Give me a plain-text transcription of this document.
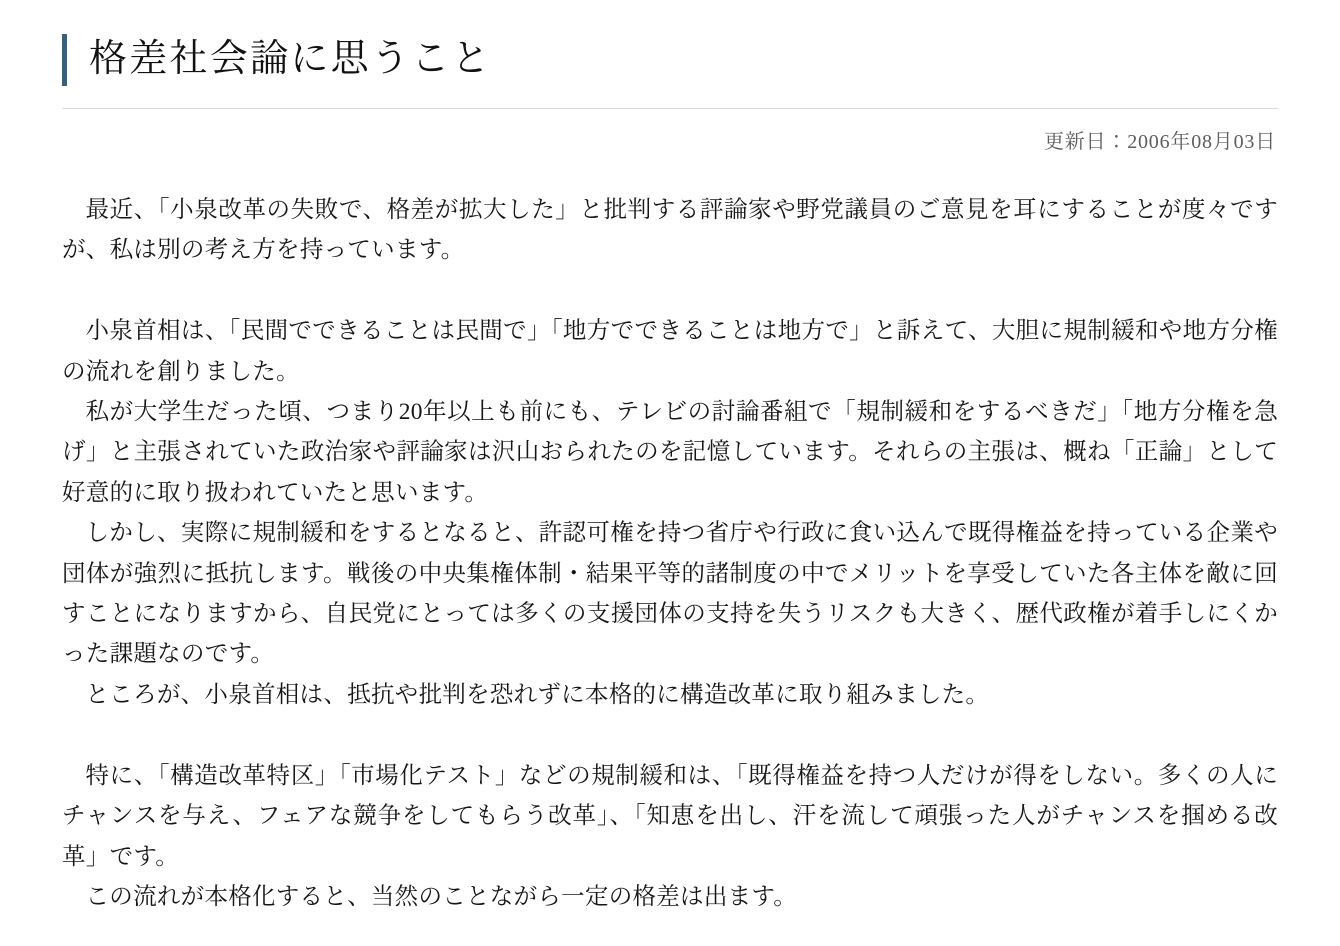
格差社会論に思うこと
更新日：2006年08月03日

最近、「小泉改革の失敗で、格差が拡大した」と批判する評論家や野党議員のご意見を耳にすることが度々ですが、私は別の考え方を持っています。

小泉首相は、「民間でできることは民間で」「地方でできることは地方で」と訴えて、大胆に規制緩和や地方分権の流れを創りました。

私が大学生だった頃、つまり20年以上も前にも、テレビの討論番組で「規制緩和をするべきだ」「地方分権を急げ」と主張されていた政治家や評論家は沢山おられたのを記憶しています。それらの主張は、概ね「正論」として好意的に取り扱われていたと思います。

しかし、実際に規制緩和をするとなると、許認可権を持つ省庁や行政に食い込んで既得権益を持っている企業や団体が強烈に抵抗します。戦後の中央集権体制・結果平等的諸制度の中でメリットを享受していた各主体を敵に回すことになりますから、自民党にとっては多くの支援団体の支持を失うリスクも大きく、歴代政権が着手しにくかった課題なのです。

ところが、小泉首相は、抵抗や批判を恐れずに本格的に構造改革に取り組みました。

特に、「構造改革特区」「市場化テスト」などの規制緩和は、「既得権益を持つ人だけが得をしない。多くの人にチャンスを与え、フェアな競争をしてもらう改革」、「知恵を出し、汗を流して頑張った人がチャンスを掴める改革」です。

この流れが本格化すると、当然のことながら一定の格差は出ます。
